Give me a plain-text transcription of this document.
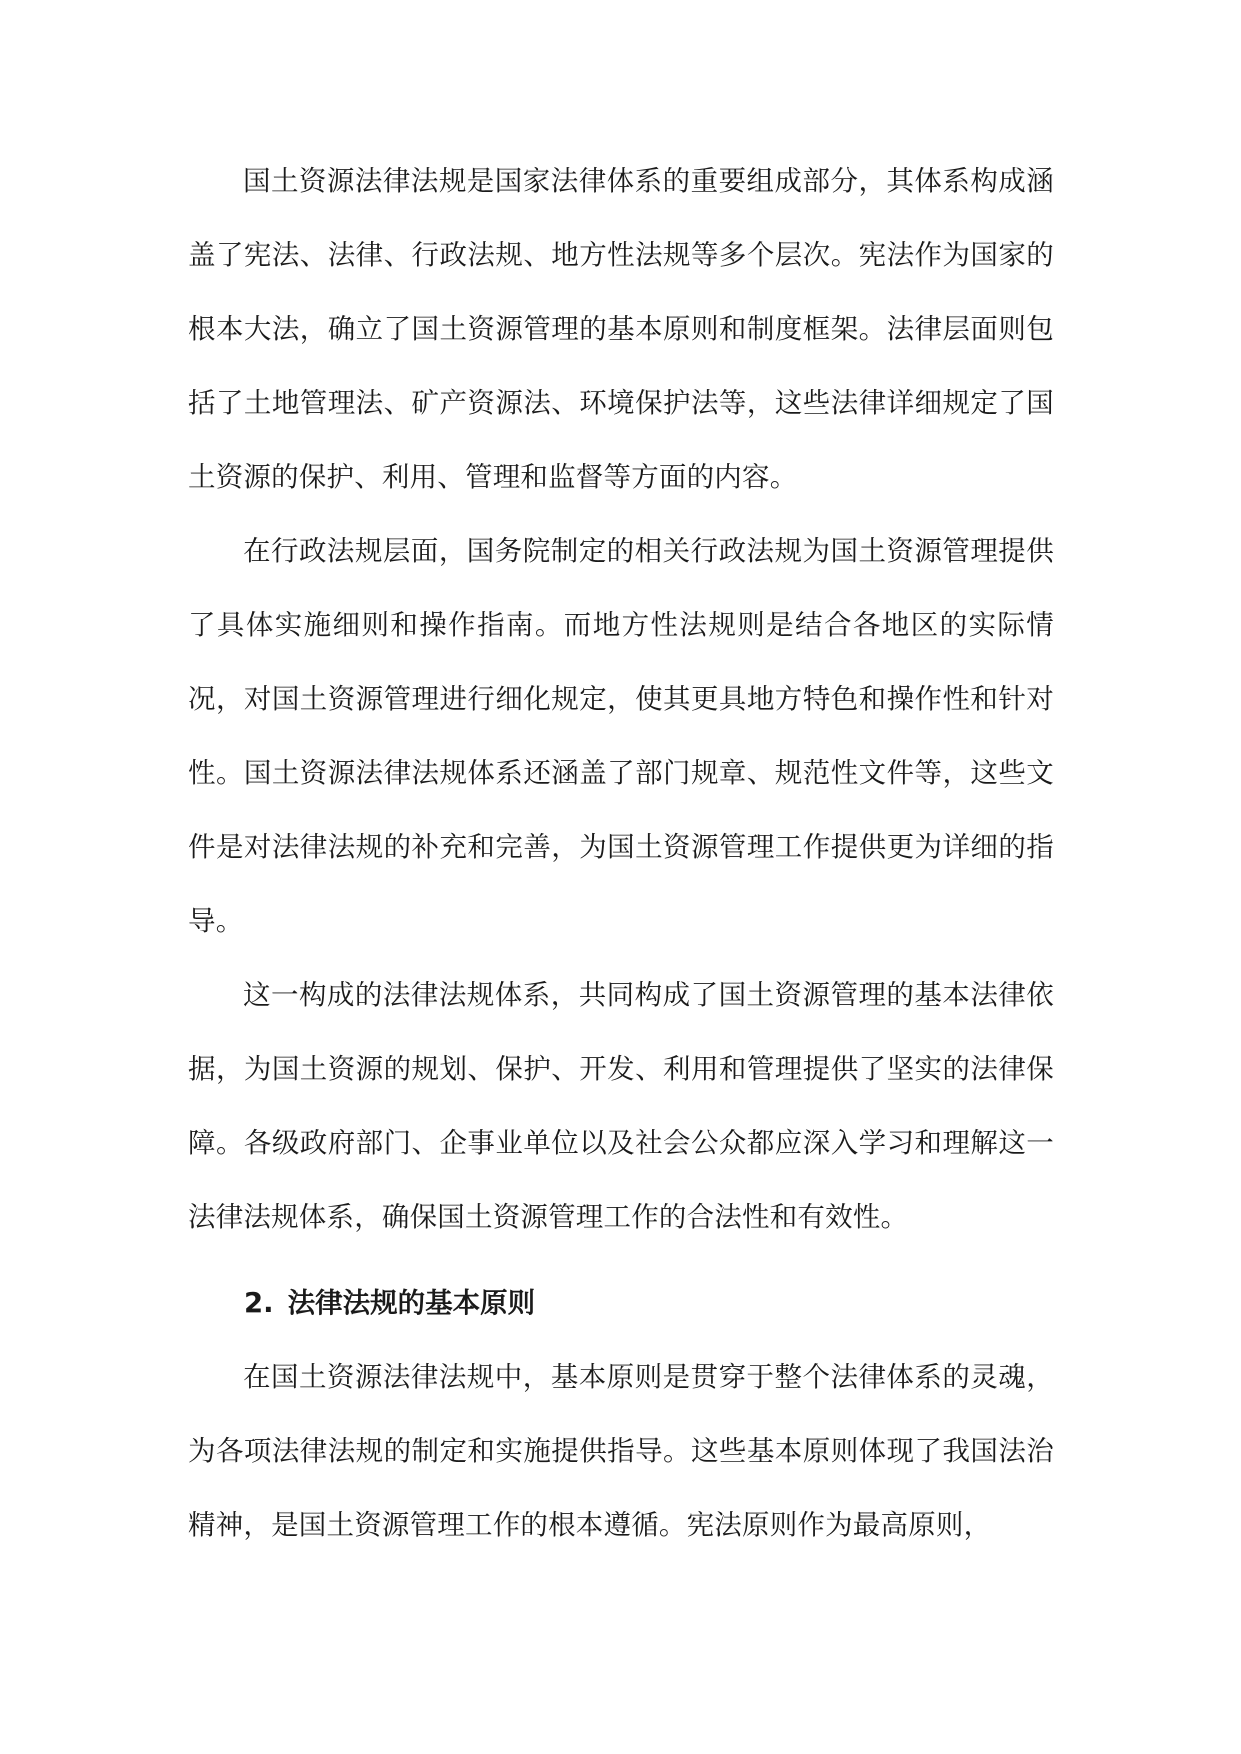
国土资源法律法规是国家法律体系的重要组成部分，其体系构成涵盖了宪法、法律、行政法规、地方性法规等多个层次。宪法作为国家的根本大法，确立了国土资源管理的基本原则和制度框架。法律层面则包括了土地管理法、矿产资源法、环境保护法等，这些法律详细规定了国土资源的保护、利用、管理和监督等方面的内容。

在行政法规层面，国务院制定的相关行政法规为国土资源管理提供了具体实施细则和操作指南。而地方性法规则是结合各地区的实际情况，对国土资源管理进行细化规定，使其更具地方特色和操作性和针对性。国土资源法律法规体系还涵盖了部门规章、规范性文件等，这些文件是对法律法规的补充和完善，为国土资源管理工作提供更为详细的指导。

这一构成的法律法规体系，共同构成了国土资源管理的基本法律依据，为国土资源的规划、保护、开发、利用和管理提供了坚实的法律保障。各级政府部门、企事业单位以及社会公众都应深入学习和理解这一法律法规体系，确保国土资源管理工作的合法性和有效性。

2. 法律法规的基本原则

在国土资源法律法规中，基本原则是贯穿于整个法律体系的灵魂，为各项法律法规的制定和实施提供指导。这些基本原则体现了我国法治精神，是国土资源管理工作的根本遵循。宪法原则作为最高原则，
